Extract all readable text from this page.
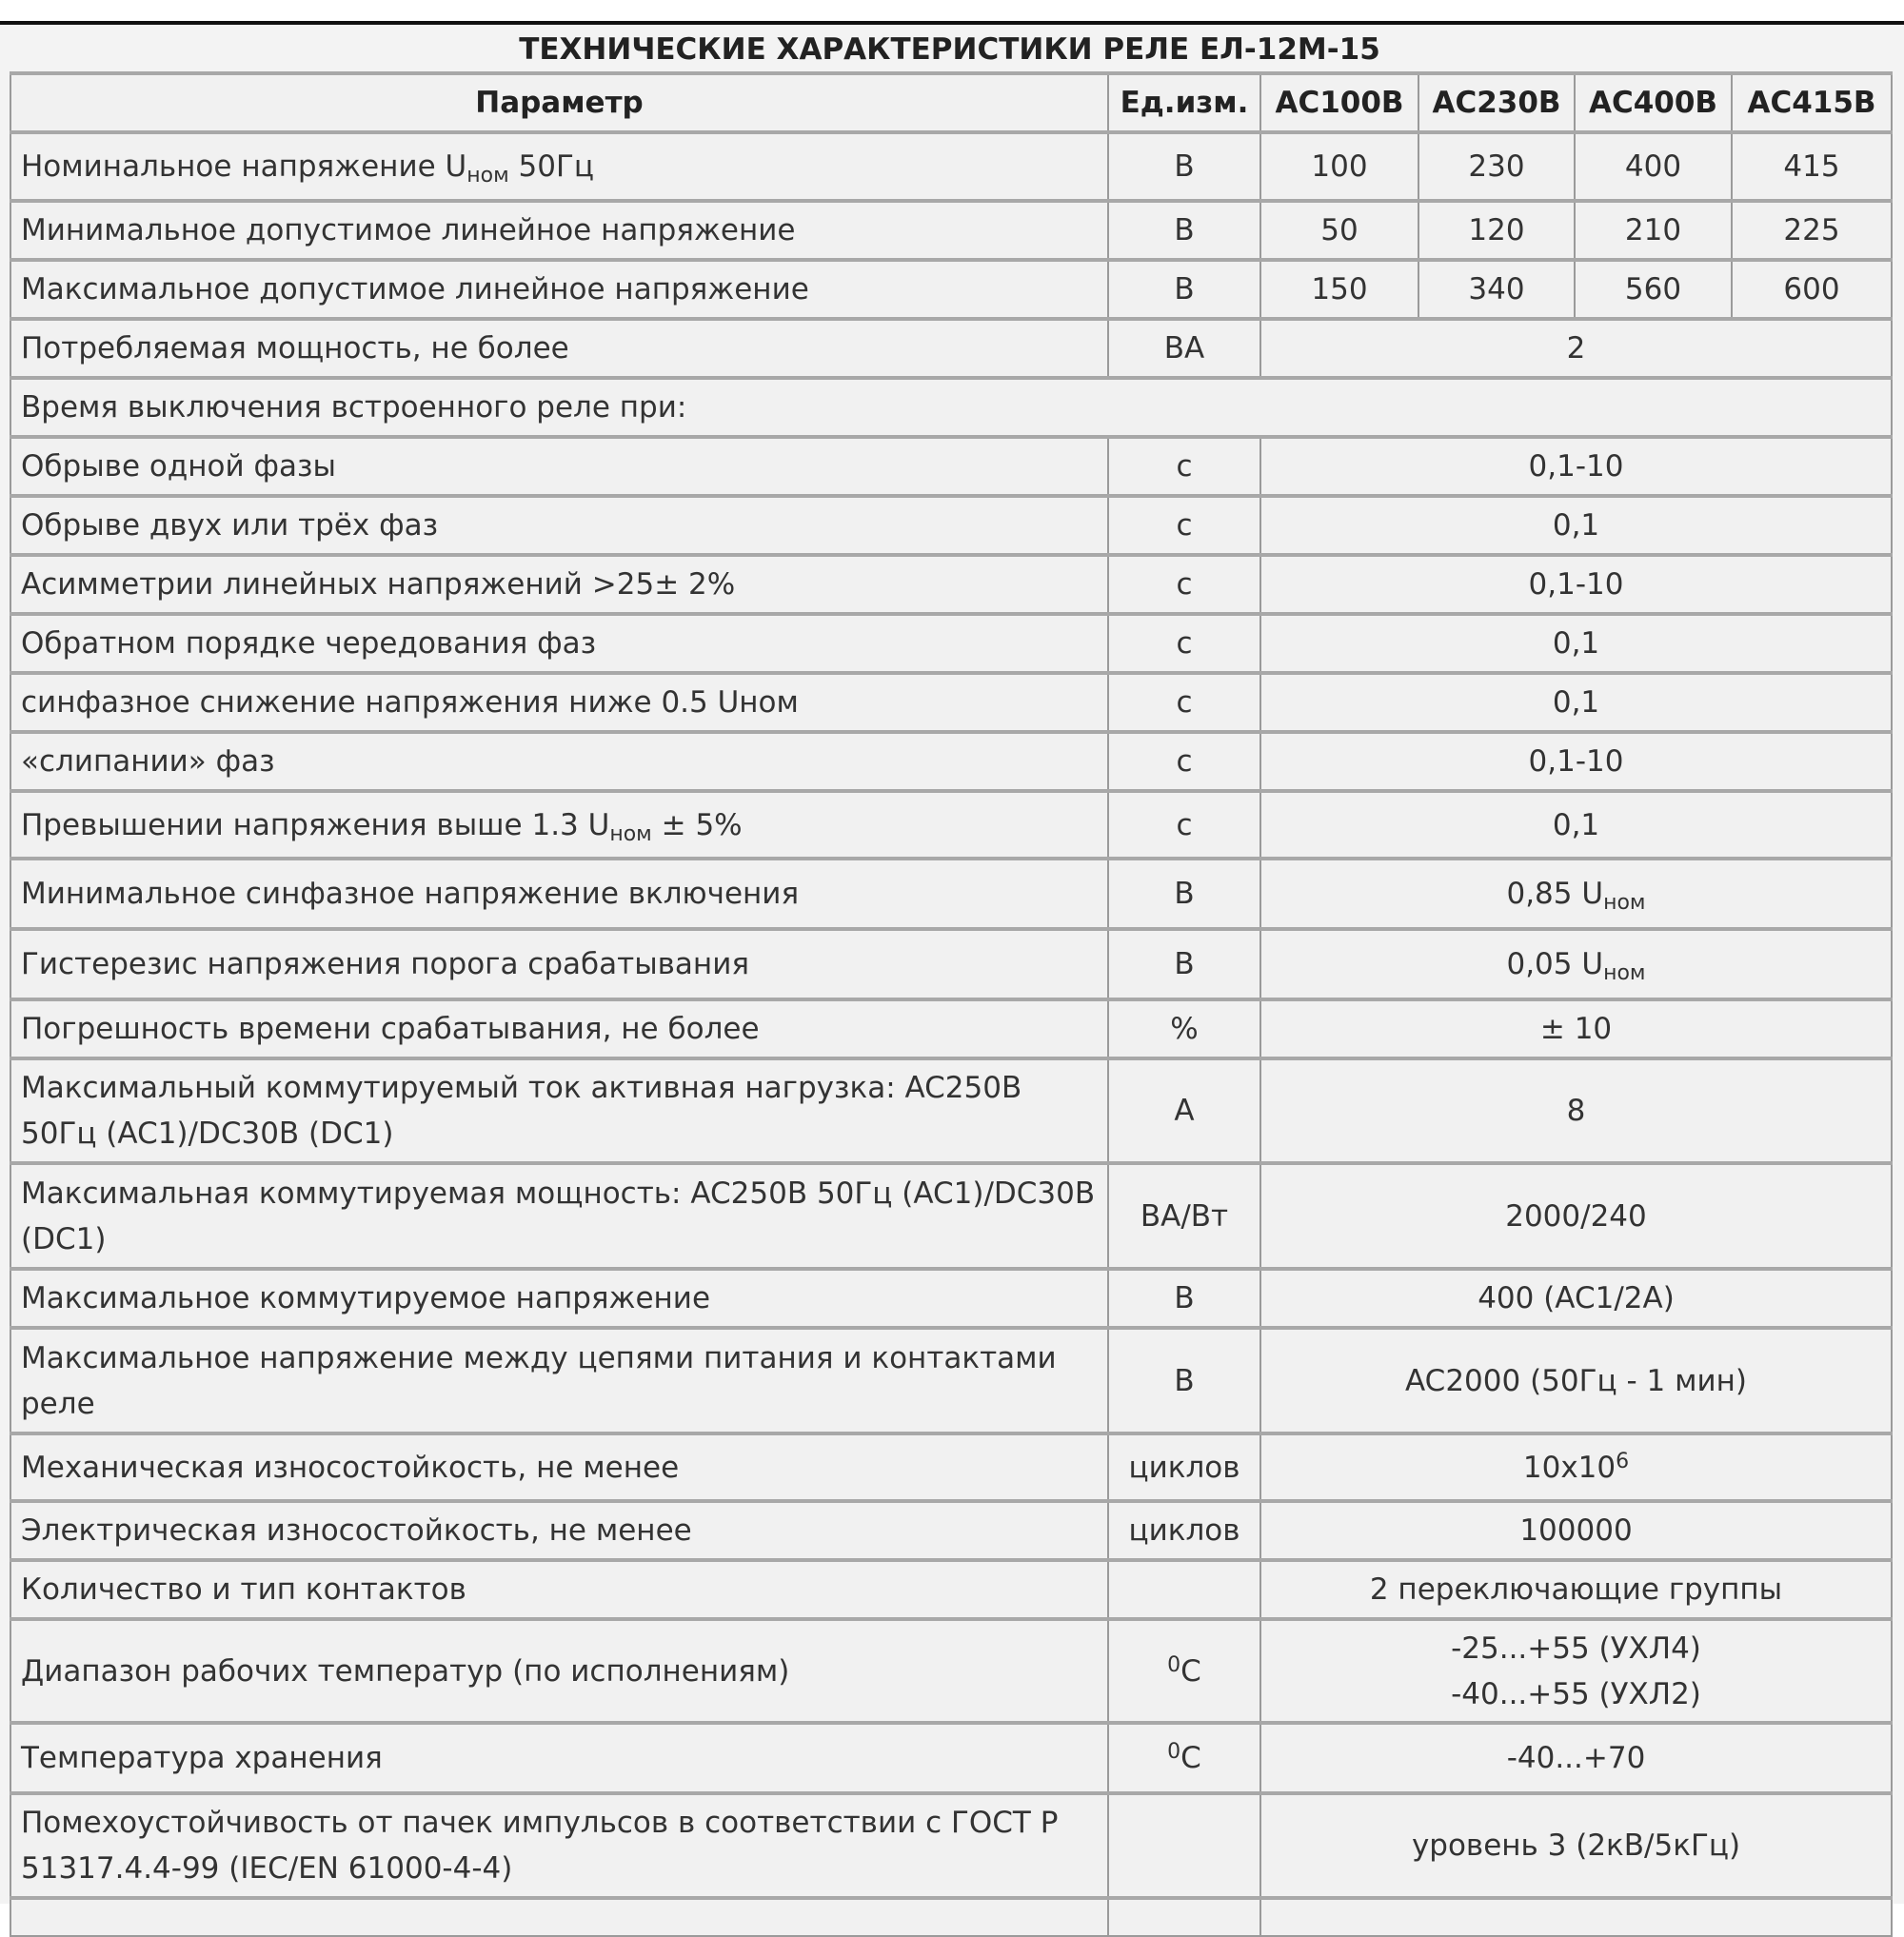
ТЕХНИЧЕСКИЕ ХАРАКТЕРИСТИКИ РЕЛЕ ЕЛ-12М-15
Параметр	Ед.изм.	AC100B	AC230B	AC400B	AC415B
Номинальное напряжение $U_{ном}$ 50Гц	В	100	230	400	415
Минимальное допустимое линейное напряжение	В	50	120	210	225
Максимальное допустимое линейное напряжение	В	150	340	560	600
Потребляемая мощность, не более	ВА	2			
Время выключения встроенного реле при:					
Обрыве одной фазы	с	0,1-10			
Обрыве двух или трёх фаз	с	0,1			
Асимметрии линейных напряжений >25± 2%	с	0,1-10			
Обратном порядке чередования фаз	с	0,1			
синфазное снижение напряжения ниже 0.5 Uном	с	0,1			
«слипании» фаз	с	0,1-10			
Превышении напряжения выше 1.3 $U_{ном} \pm 5\%$	с	0,1			
Минимальное синфазное напряжение включения	В	0,85 $U_{ном}$
Гистерезис напряжения порога срабатывания	В	0,05 $U_{ном}$
Погрешность времени срабатывания, не более	%	± 10			
Максимальный коммутируемый ток активная нагрузка: AC250B 50Гц (AC1)/DC30B (DC1)	А	8			
Максимальная коммутируемая мощность: AC250B 50Гц (AC1)/DC30B (DC1)	ВА/Вт	2000/240			
Максимальное коммутируемое напряжение	В	400 (AC1/2A)			
Максимальное напряжение между цепями питания и контактами реле	В	AC2000 (50Гц - 1 мин)			
Механическая износостойкость, не менее	циклов	$10x10^6$
Электрическая износостойкость, не менее	циклов	100000			
Количество и тип контактов		2 переключающие группы			
Диапазон рабочих температур (по исполнениям)	$^0$C	-25...+55 (УХЛ4)
-40...+55 (УХЛ2)			

Температура хранения	$^0$C	-40...+70			
Помехоустойчивость от пачек импульсов в соответствии с ГОСТ Р 51317.4.4-99 (IEC/EN 61000-4-4)		уровень 3 (2кВ/5кГц)			
